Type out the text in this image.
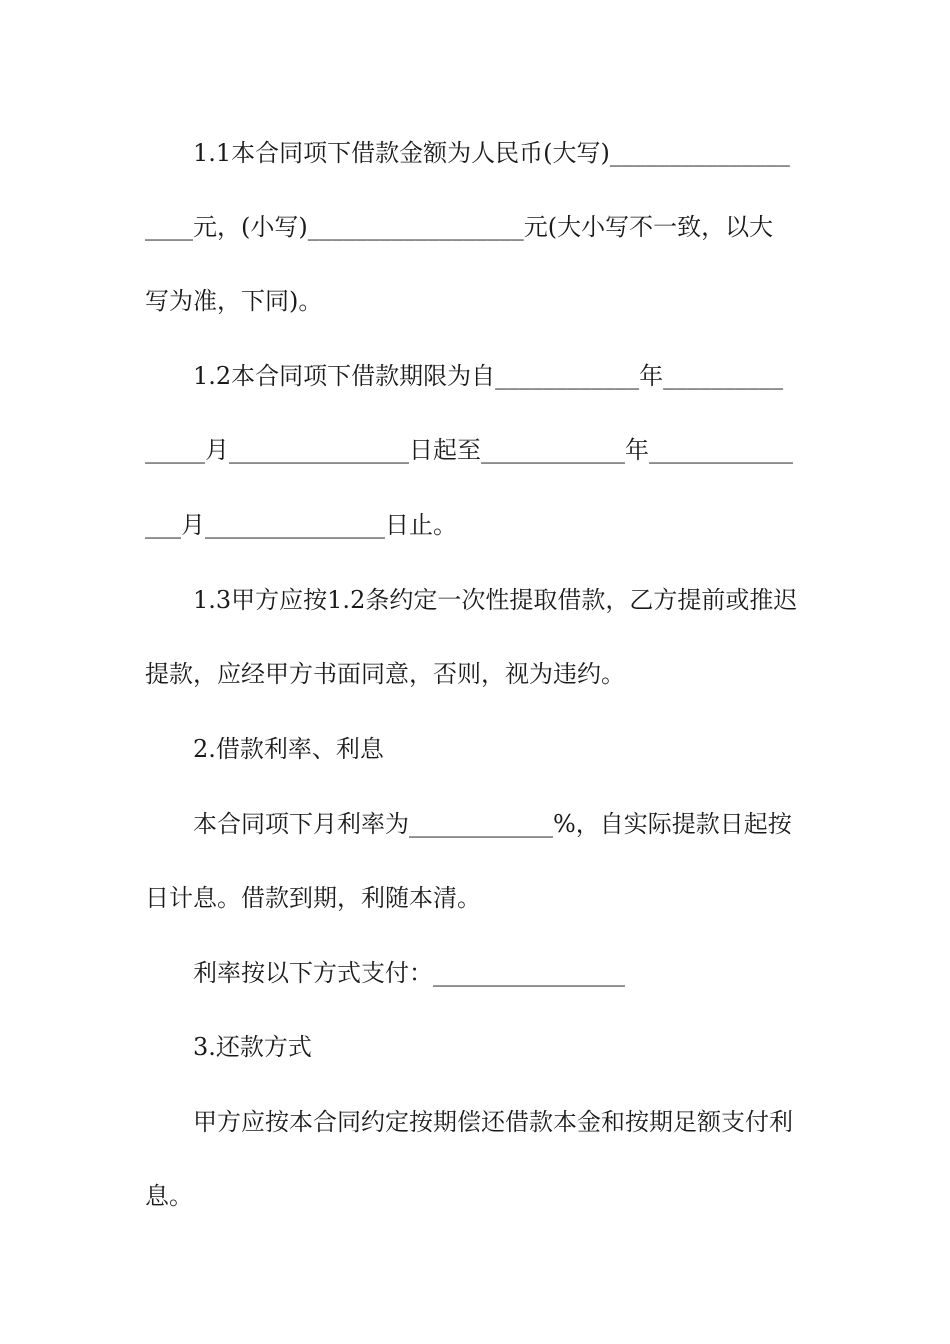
1.1本合同项下借款金额为人民币(大写)_______________
____元，(小写)__________________元(大小写不一致，以大
写为准，下同)。
1.2本合同项下借款期限为自____________年__________
_____月_______________日起至____________年____________
___月_______________日止。
1.3甲方应按1.2条约定一次性提取借款，乙方提前或推迟
提款，应经甲方书面同意，否则，视为违约。
2.借款利率、利息
本合同项下月利率为____________%，自实际提款日起按
日计息。借款到期，利随本清。
利率按以下方式支付：________________
3.还款方式
甲方应按本合同约定按期偿还借款本金和按期足额支付利
息。
